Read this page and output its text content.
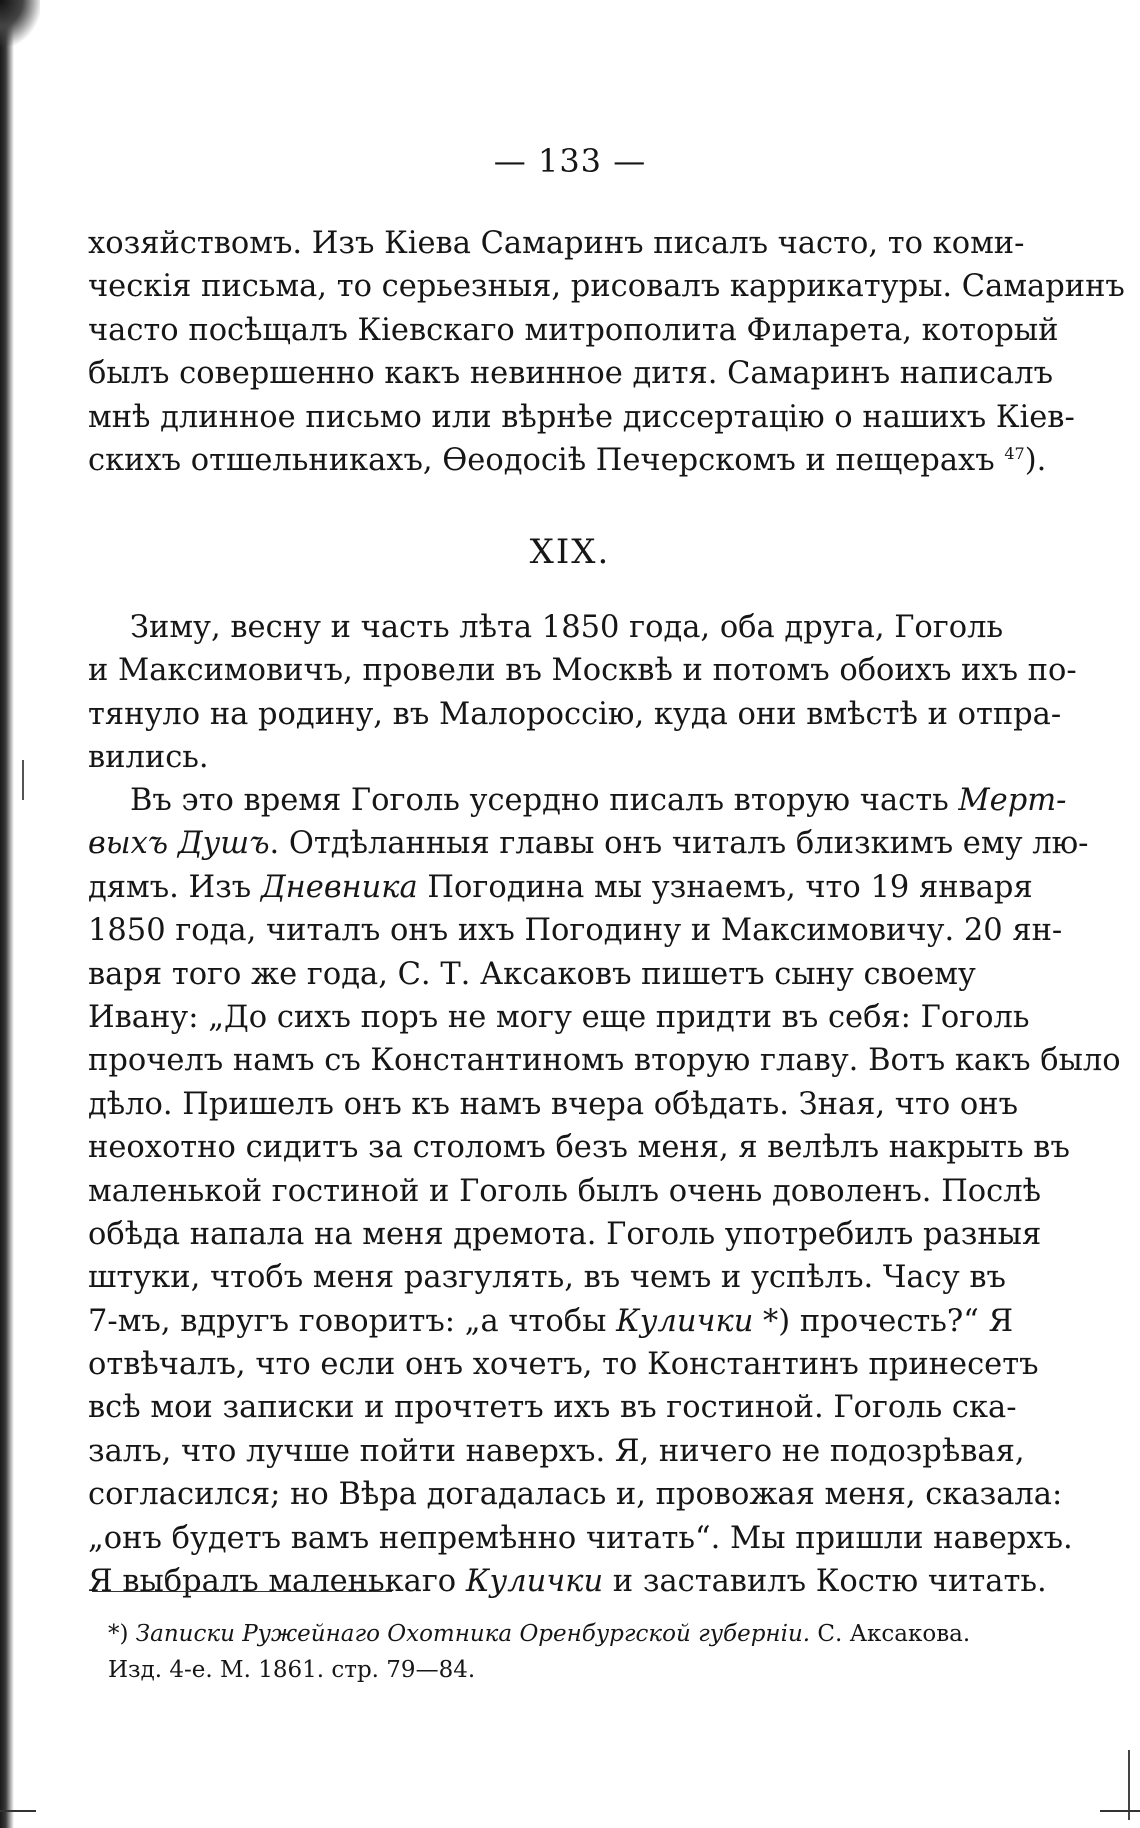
— 133 —
хозяйствомъ. Изъ Кіева Самаринъ писалъ часто, то коми-
ческія письма, то серьезныя, рисовалъ каррикатуры. Самаринъ
часто посѣщалъ Кіевскаго митрополита Филарета, который
былъ совершенно какъ невинное дитя. Самаринъ написалъ
мнѣ длинное письмо или вѣрнѣе диссертацію о нашихъ Кіев-
скихъ отшельникахъ, Ѳеодосіѣ Печерскомъ и пещерахъ $^{47}$).
XIX.
Зиму, весну и часть лѣта 1850 года, оба друга, Гоголь
и Максимовичъ, провели въ Москвѣ и потомъ обоихъ ихъ по-
тянуло на родину, въ Малороссію, куда они вмѣстѣ и отпра-
вились.
Въ это время Гоголь усердно писалъ вторую часть Мерт-
выхъ Душъ. Отдѣланныя главы онъ читалъ близкимъ ему лю-
дямъ. Изъ Дневника Погодина мы узнаемъ, что 19 января
1850 года, читалъ онъ ихъ Погодину и Максимовичу. 20 ян-
варя того же года, С. Т. Аксаковъ пишетъ сыну своему
Ивану: „До сихъ поръ не могу еще придти въ себя: Гоголь
прочелъ намъ съ Константиномъ вторую главу. Вотъ какъ было
дѣло. Пришелъ онъ къ намъ вчера обѣдать. Зная, что онъ
неохотно сидитъ за столомъ безъ меня, я велѣлъ накрыть въ
маленькой гостиной и Гоголь былъ очень доволенъ. Послѣ
обѣда напала на меня дремота. Гоголь употребилъ разныя
штуки, чтобъ меня разгулять, въ чемъ и успѣлъ. Часу въ
7-мъ, вдругъ говоритъ: „а чтобы Кулички *) прочесть?“ Я
отвѣчалъ, что если онъ хочетъ, то Константинъ принесетъ
всѣ мои записки и прочтетъ ихъ въ гостиной. Гоголь ска-
залъ, что лучше пойти наверхъ. Я, ничего не подозрѣвая,
согласился; но Вѣра догадалась и, провожая меня, сказала:
„онъ будетъ вамъ непремѣнно читать“. Мы пришли наверхъ.
Я выбралъ маленькаго Кулички и заставилъ Костю читать.
*) Записки Ружейнаго Охотника Оренбургской губерніи. С. Аксакова.
Изд. 4-е. М. 1861. стр. 79—84.
